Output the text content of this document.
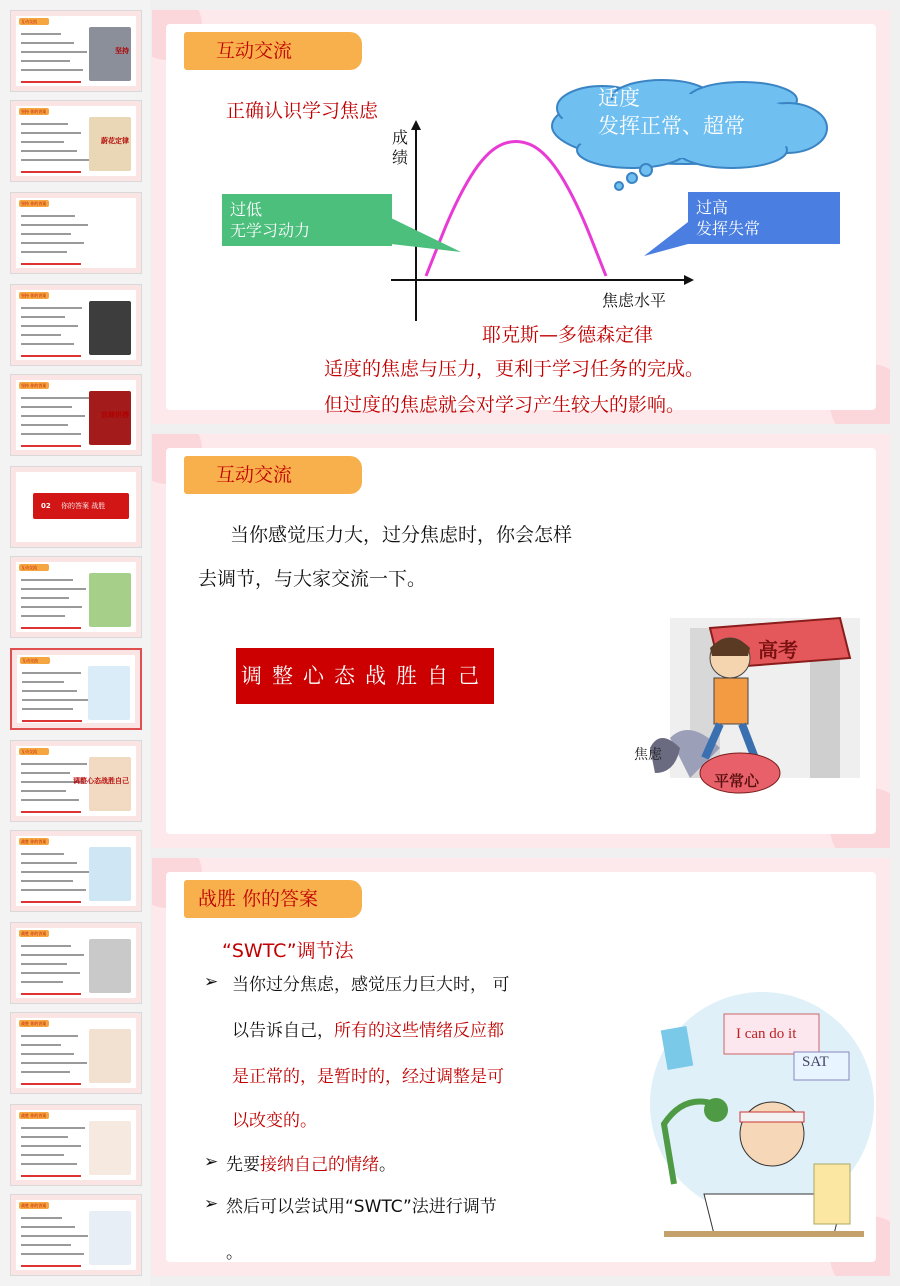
互动交流
坚持
坚持 你的答案
蔚花定律
坚持 你的答案
坚持 你的答案
坚持 你的答案
放肆拼搏
02 你的答案 战胜
互动交流
互动交流
互动交流
调整心态战胜自己
战胜 你的答案
战胜 你的答案
战胜 你的答案
战胜 你的答案
战胜 你的答案
互动交流
正确认识学习焦虑
成绩
焦虑水平
适度
发挥正常、超常
过低
无学习动力
过高
发挥失常
耶克斯—多德森定律
适度的焦虑与压力，更利于学习任务的完成。
但过度的焦虑就会对学习产生较大的影响。
互动交流
当你感觉压力大，过分焦虑时，你会怎样
去调节，与大家交流一下。
调整心态战胜自己
高考
平常心
焦虑
战胜 你的答案
“SWTC”调节法
➢ 当你过分焦虑，感觉压力巨大时， 可
以告诉自己，所有的这些情绪反应都
是正常的，是暂时的，经过调整是可
以改变的。
➢ 先要接纳自己的情绪。
➢ 然后可以尝试用“SWTC”法进行调节
。
I can do it
SAT
